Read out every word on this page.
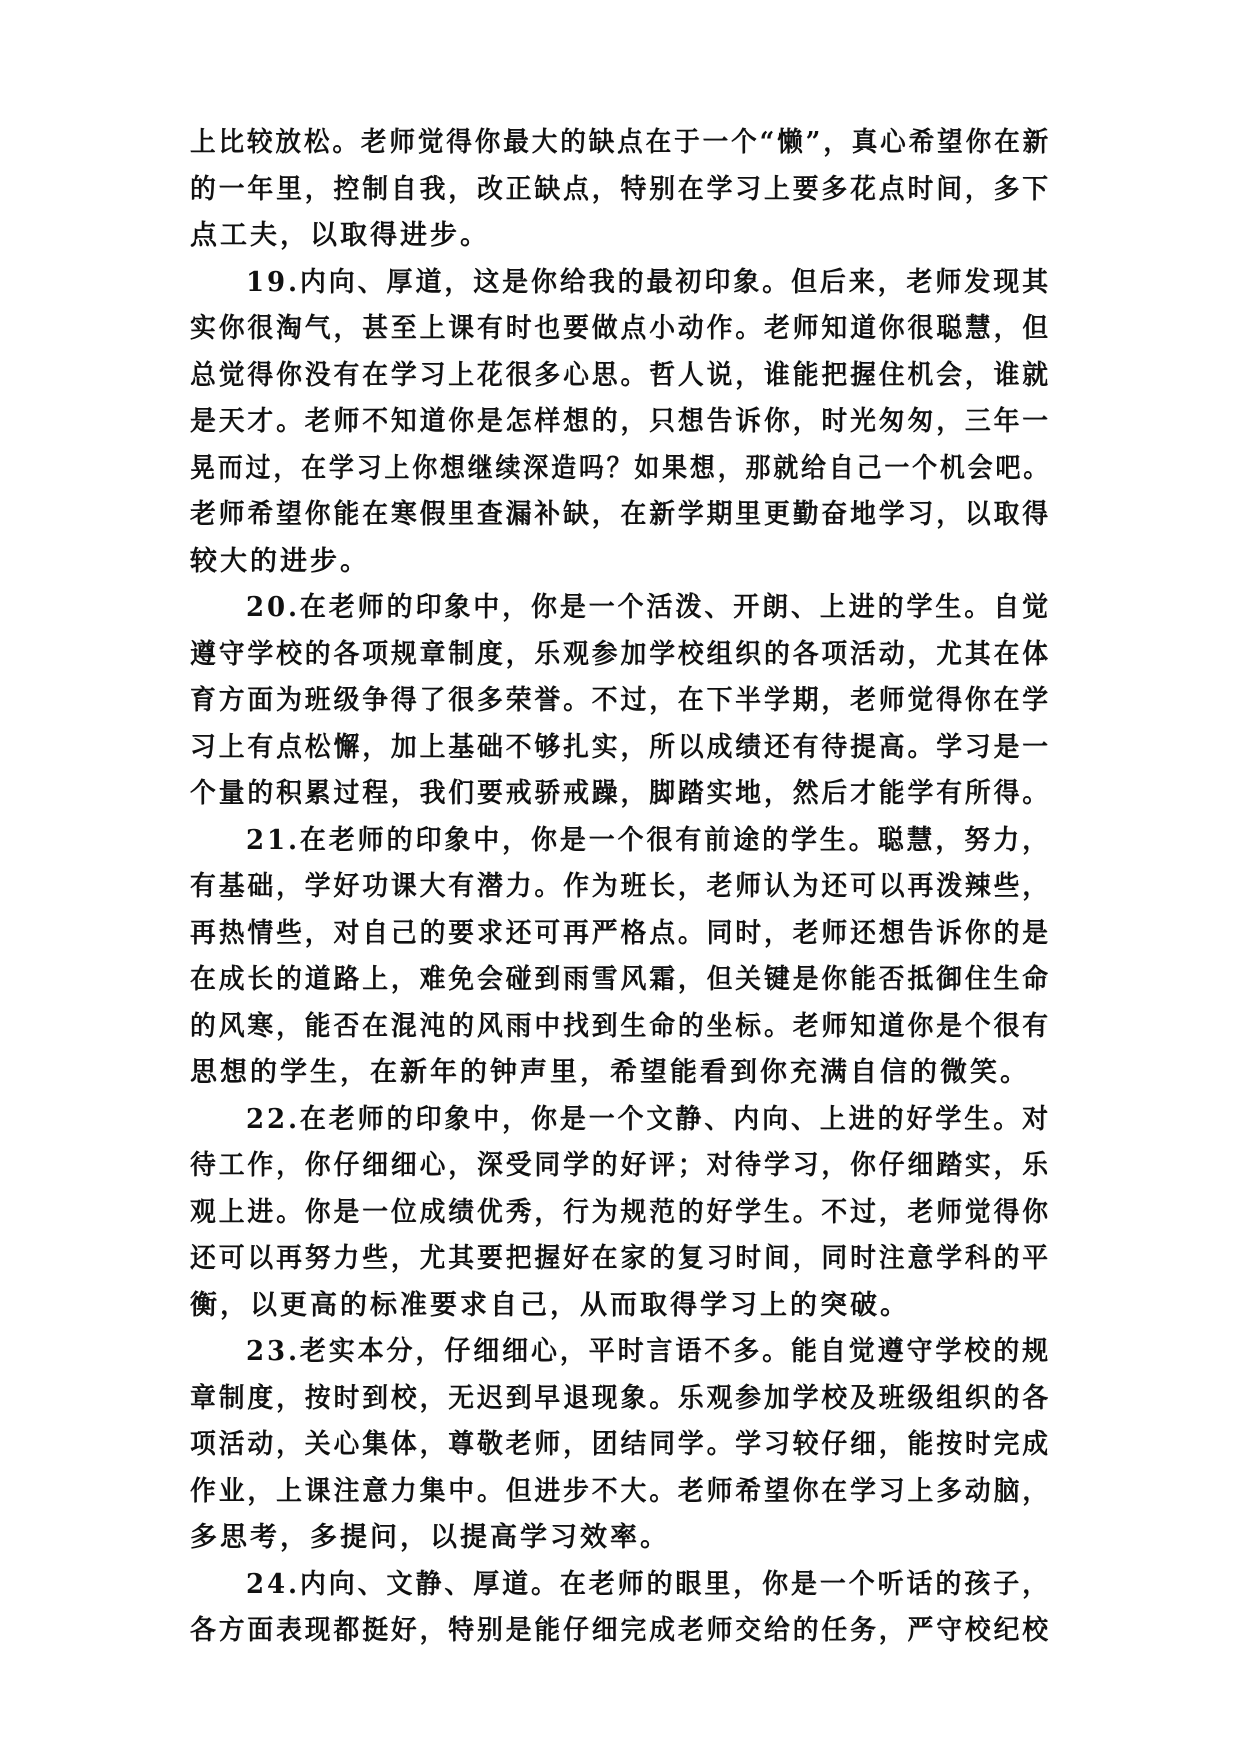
上比较放松。老师觉得你最大的缺点在于一个“懒”，真心希望你在新
的一年里，控制自我，改正缺点，特别在学习上要多花点时间，多下
点工夫，以取得进步。
19.内向、厚道，这是你给我的最初印象。但后来，老师发现其
实你很淘气，甚至上课有时也要做点小动作。老师知道你很聪慧，但
总觉得你没有在学习上花很多心思。哲人说，谁能把握住机会，谁就
是天才。老师不知道你是怎样想的，只想告诉你，时光匆匆，三年一
晃而过，在学习上你想继续深造吗？如果想，那就给自己一个机会吧。
老师希望你能在寒假里查漏补缺，在新学期里更勤奋地学习，以取得
较大的进步。
20.在老师的印象中，你是一个活泼、开朗、上进的学生。自觉
遵守学校的各项规章制度，乐观参加学校组织的各项活动，尤其在体
育方面为班级争得了很多荣誉。不过，在下半学期，老师觉得你在学
习上有点松懈，加上基础不够扎实，所以成绩还有待提高。学习是一
个量的积累过程，我们要戒骄戒躁，脚踏实地，然后才能学有所得。
21.在老师的印象中，你是一个很有前途的学生。聪慧，努力，
有基础，学好功课大有潜力。作为班长，老师认为还可以再泼辣些，
再热情些，对自己的要求还可再严格点。同时，老师还想告诉你的是
在成长的道路上，难免会碰到雨雪风霜，但关键是你能否抵御住生命
的风寒，能否在混沌的风雨中找到生命的坐标。老师知道你是个很有
思想的学生，在新年的钟声里，希望能看到你充满自信的微笑。
22.在老师的印象中，你是一个文静、内向、上进的好学生。对
待工作，你仔细细心，深受同学的好评；对待学习，你仔细踏实，乐
观上进。你是一位成绩优秀，行为规范的好学生。不过，老师觉得你
还可以再努力些，尤其要把握好在家的复习时间，同时注意学科的平
衡，以更高的标准要求自己，从而取得学习上的突破。
23.老实本分，仔细细心，平时言语不多。能自觉遵守学校的规
章制度，按时到校，无迟到早退现象。乐观参加学校及班级组织的各
项活动，关心集体，尊敬老师，团结同学。学习较仔细，能按时完成
作业，上课注意力集中。但进步不大。老师希望你在学习上多动脑，
多思考，多提问，以提高学习效率。
24.内向、文静、厚道。在老师的眼里，你是一个听话的孩子，
各方面表现都挺好，特别是能仔细完成老师交给的任务，严守校纪校
